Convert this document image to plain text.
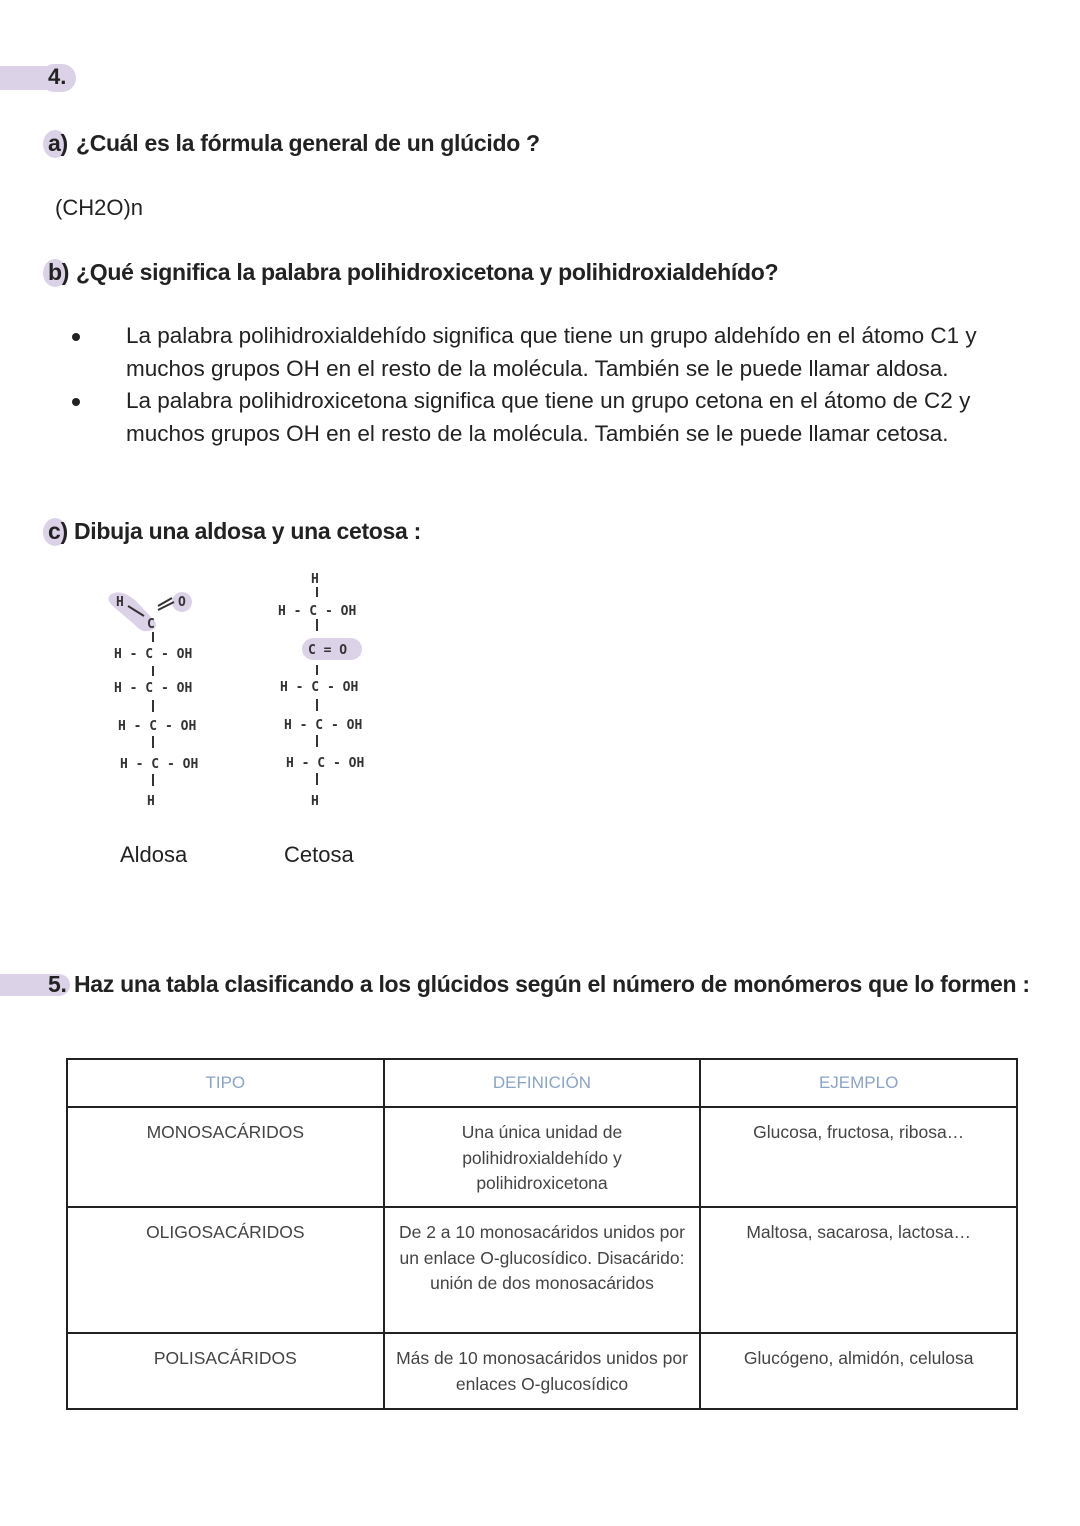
4.
a) ¿Cuál es la fórmula general de un glúcido ?
(CH2O)n
b) ¿Qué significa la palabra polihidroxicetona y polihidroxialdehído?
La palabra polihidroxialdehído significa que tiene un grupo aldehído en el átomo C1 y muchos grupos OH en el resto de la molécula. También se le puede llamar aldosa.
La palabra polihidroxicetona significa que tiene un grupo cetona en el átomo de C2 y muchos grupos OH en el resto de la molécula. También se le puede llamar cetosa.
c) Dibuja una aldosa y una cetosa :
H
C
O
H - C - OH
H - C - OH
H - C - OH
H - C - OH
H
H
H - C - OH
C = O
H - C - OH
H - C - OH
H - C - OH
H
Aldosa	Cetosa
5. Haz una tabla clasificando a los glúcidos según el número de monómeros que lo formen :
TIPO	DEFINICIÓN	EJEMPLO
MONOSACÁRIDOS	Una única unidad de polihidroxialdehído y polihidroxicetona	Glucosa, fructosa, ribosa…
OLIGOSACÁRIDOS	De 2 a 10 monosacáridos unidos por un enlace O-glucosídico. Disacárido: unión de dos monosacáridos	Maltosa, sacarosa, lactosa…
POLISACÁRIDOS	Más de 10 monosacáridos unidos por enlaces O-glucosídico	Glucógeno, almidón, celulosa
